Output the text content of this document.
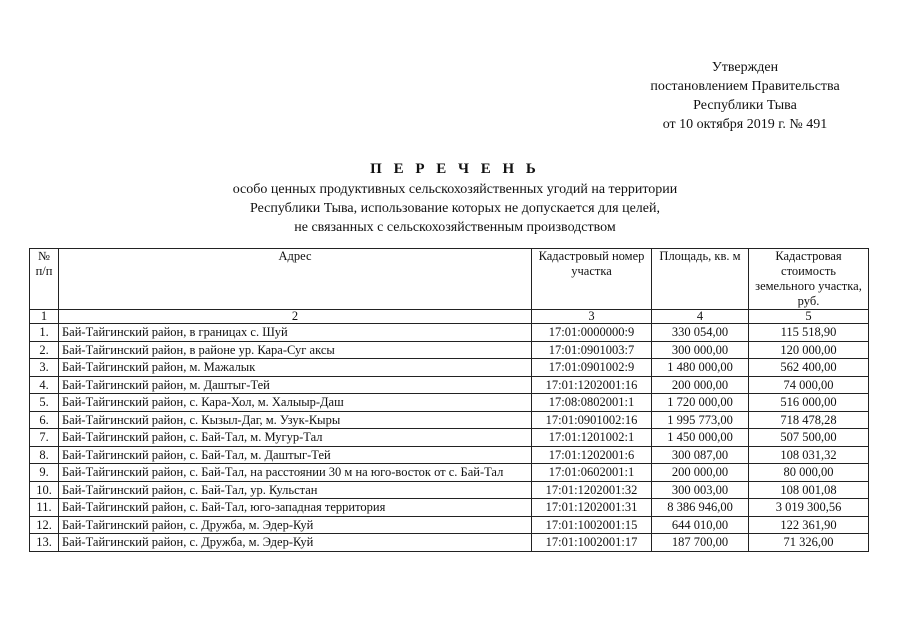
Утвержден
постановлением Правительства
Республики Тыва
от 10 октября 2019 г. № 491
П Е Р Е Ч Е Н Ь
особо ценных продуктивных сельскохозяйственных угодий на территории
Республики Тыва, использование которых не допускается для целей,
не связанных с сельскохозяйственным производством
№ п/п	Адрес	Кадастровый номер участка	Площадь, кв. м	Кадастровая стоимость земельного участка, руб.
1	2	3	4	5
1.	Бай-Тайгинский район, в границах с. Шуй	17:01:0000000:9	330 054,00	115 518,90
2.	Бай-Тайгинский район, в районе ур. Кара-Суг аксы	17:01:0901003:7	300 000,00	120 000,00
3.	Бай-Тайгинский район, м. Мажалык	17:01:0901002:9	1 480 000,00	562 400,00
4.	Бай-Тайгинский район, м. Даштыг-Тей	17:01:1202001:16	200 000,00	74 000,00
5.	Бай-Тайгинский район, с. Кара-Хол, м. Халыыр-Даш	17:08:0802001:1	1 720 000,00	516 000,00
6.	Бай-Тайгинский район, с. Кызыл-Даг, м. Узук-Кыры	17:01:0901002:16	1 995 773,00	718 478,28
7.	Бай-Тайгинский район, с. Бай-Тал, м. Мугур-Тал	17:01:1201002:1	1 450 000,00	507 500,00
8.	Бай-Тайгинский район, с. Бай-Тал, м. Даштыг-Тей	17:01:1202001:6	300 087,00	108 031,32
9.	Бай-Тайгинский район, с. Бай-Тал, на расстоянии 30 м на юго-восток от с. Бай-Тал	17:01:0602001:1	200 000,00	80 000,00
10.	Бай-Тайгинский район, с. Бай-Тал, ур. Кульстан	17:01:1202001:32	300 003,00	108 001,08
11.	Бай-Тайгинский район, с. Бай-Тал, юго-западная территория	17:01:1202001:31	8 386 946,00	3 019 300,56
12.	Бай-Тайгинский район, с. Дружба, м. Эдер-Куй	17:01:1002001:15	644 010,00	122 361,90
13.	Бай-Тайгинский район, с. Дружба, м. Эдер-Куй	17:01:1002001:17	187 700,00	71 326,00
